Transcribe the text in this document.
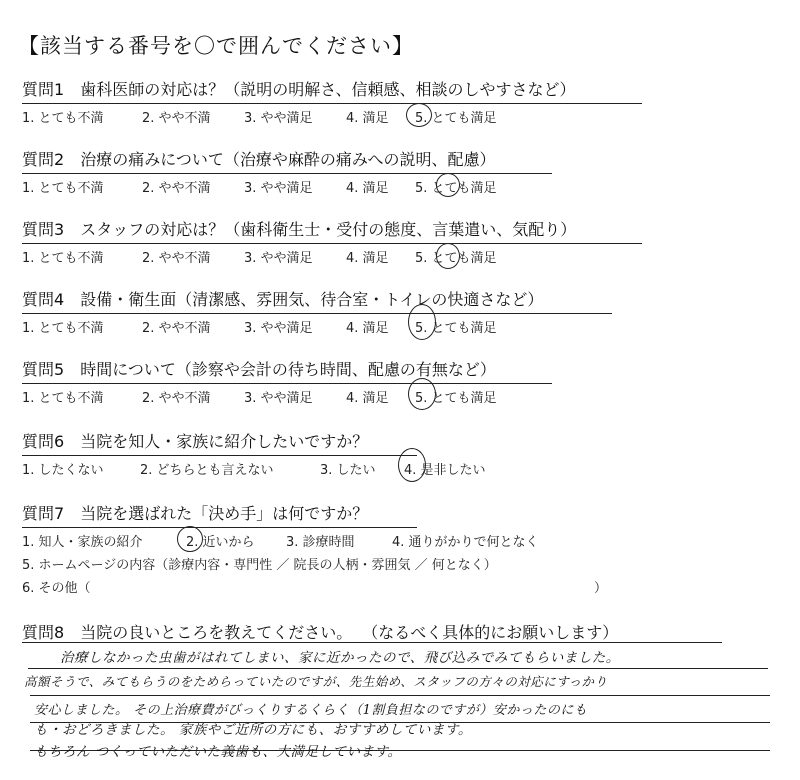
【該当する番号を〇で囲んでください】
質問1 歯科医師の対応は？（説明の明解さ、信頼感、相談のしやすさなど）
1. とても不満	2. やや不満	3. やや満足	4. 満足 5. とても満足
質問2 治療の痛みについて（治療や麻酔の痛みへの説明、配慮）
1. とても不満	2. やや不満	3. やや満足	4. 満足 5. とても満足
質問3 スタッフの対応は？（歯科衛生士・受付の態度、言葉遣い、気配り）
1. とても不満	2. やや不満	3. やや満足	4. 満足 5. とても満足
質問4 設備・衛生面（清潔感、雰囲気、待合室・トイレの快適さなど）
1. とても不満	2. やや不満	3. やや満足	4. 満足 5. とても満足
質問5 時間について（診察や会計の待ち時間、配慮の有無など）
1. とても不満	2. やや不満	3. やや満足	4. 満足 5. とても満足
質問6 当院を知人・家族に紹介したいですか？
1. したくない	2. どちらとも言えない	3. したい 4. 是非したい
質問7 当院を選ばれた「決め手」は何ですか？
1. 知人・家族の紹介	2. 近いから 3. 診療時間	4. 通りがかりで何となく
5. ホームページの内容（診療内容・専門性 ／ 院長の人柄・雰囲気 ／ 何となく）
6. その他（	）
質問8 当院の良いところを教えてください。 （なるべく具体的にお願いします）
治療しなかった虫歯がはれてしまい、家に近かったので、飛び込みでみてもらいました。
高額そうで、みてもらうのをためらっていたのですが、先生始め、スタッフの方々の対応にすっかり
安心しました。 その上治療費がびっくりするくらく（1割負担なのですが）安かったのにも
も・おどろきました。 家族やご近所の方にも、おすすめしています。
もちろん つくっていただいた義歯も、大満足しています。
